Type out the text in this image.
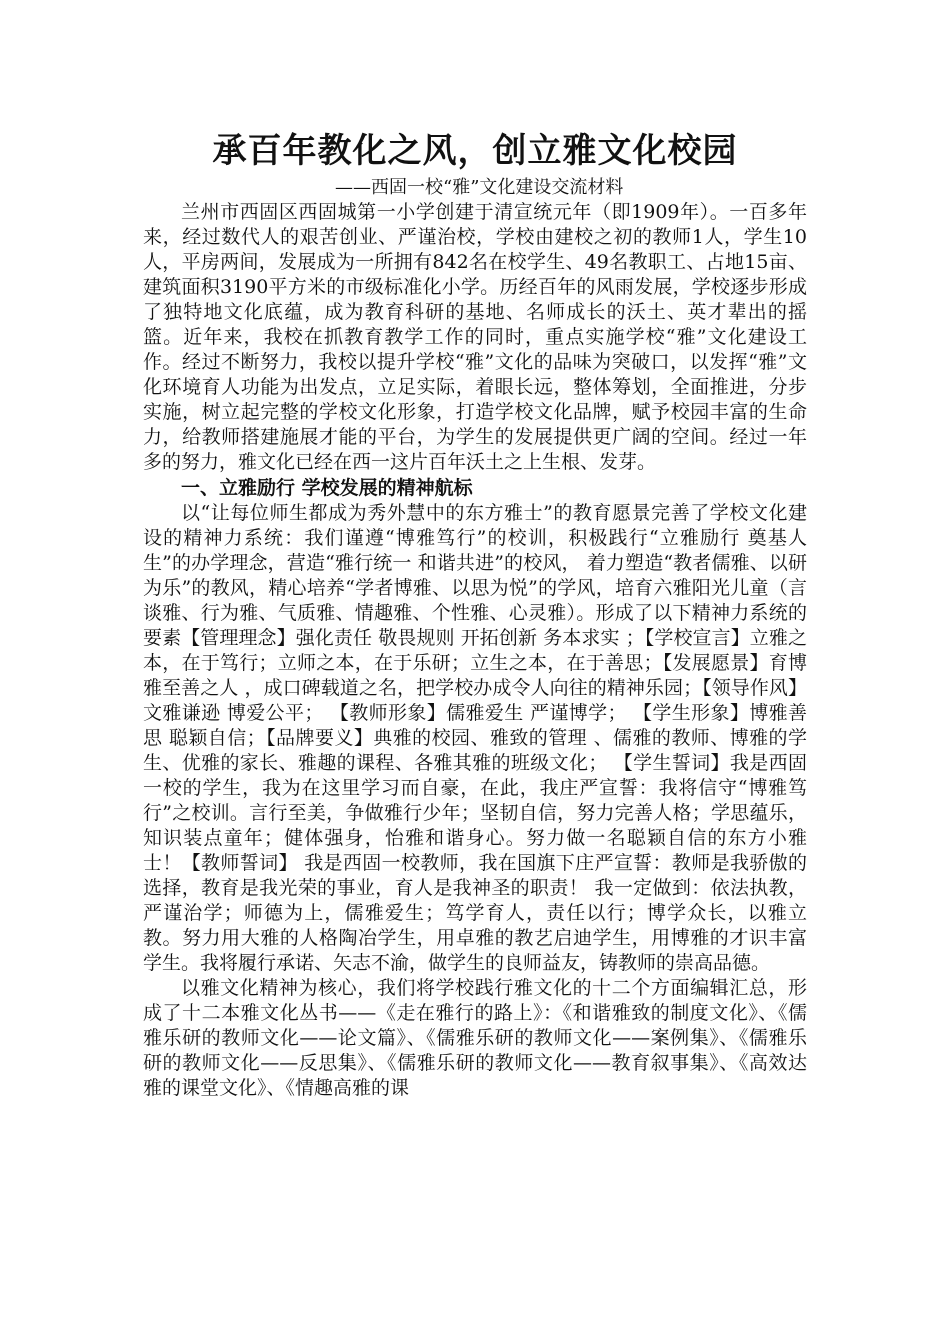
承百年教化之风，创立雅文化校园

——西固一校“雅”文化建设交流材料

兰州市西固区西固城第一小学创建于清宣统元年（即1909年）。一百多年来，经过数代人的艰苦创业、严谨治校，学校由建校之初的教师1人，学生10人，平房两间，发展成为一所拥有842名在校学生、49名教职工、占地15亩、建筑面积3190平方米的市级标准化小学。历经百年的风雨发展，学校逐步形成了独特地文化底蕴，成为教育科研的基地、名师成长的沃土、英才辈出的摇篮。近年来，我校在抓教育教学工作的同时，重点实施学校“雅”文化建设工作。经过不断努力，我校以提升学校“雅”文化的品味为突破口，以发挥“雅”文化环境育人功能为出发点，立足实际，着眼长远，整体筹划，全面推进，分步实施，树立起完整的学校文化形象，打造学校文化品牌，赋予校园丰富的生命力，给教师搭建施展才能的平台，为学生的发展提供更广阔的空间。经过一年多的努力，雅文化已经在西一这片百年沃土之上生根、发芽。

一、立雅励行 学校发展的精神航标

以“让每位师生都成为秀外慧中的东方雅士”的教育愿景完善了学校文化建设的精神力系统：我们谨遵“博雅笃行”的校训，积极践行“立雅励行 奠基人生”的办学理念，营造“雅行统一 和谐共进”的校风， 着力塑造“教者儒雅、以研为乐”的教风，精心培养“学者博雅、以思为悦”的学风，培育六雅阳光儿童（言谈雅、行为雅、气质雅、情趣雅、个性雅、心灵雅）。形成了以下精神力系统的要素【管理理念】强化责任 敬畏规则 开拓创新 务本求实 ；【学校宣言】立雅之本，在于笃行；立师之本，在于乐研；立生之本，在于善思；【发展愿景】育博雅至善之人 ，成口碑载道之名，把学校办成令人向往的精神乐园；【领导作风】文雅谦逊 博爱公平； 【教师形象】儒雅爱生 严谨博学； 【学生形象】博雅善思 聪颖自信；【品牌要义】典雅的校园、雅致的管理 、儒雅的教师、博雅的学生、优雅的家长、雅趣的课程、各雅其雅的班级文化； 【学生誓词】我是西固一校的学生，我为在这里学习而自豪，在此，我庄严宣誓：我将信守“博雅笃行”之校训。言行至美，争做雅行少年；坚韧自信，努力完善人格；学思蕴乐，知识装点童年；健体强身，怡雅和谐身心。努力做一名聪颖自信的东方小雅士！【教师誓词】 我是西固一校教师，我在国旗下庄严宣誓：教师是我骄傲的选择，教育是我光荣的事业，育人是我神圣的职责！ 我一定做到：依法执教，严谨治学；师德为上，儒雅爱生；笃学育人，责任以行；博学众长，以雅立教。努力用大雅的人格陶冶学生，用卓雅的教艺启迪学生，用博雅的才识丰富学生。我将履行承诺、矢志不渝，做学生的良师益友，铸教师的崇高品德。

以雅文化精神为核心，我们将学校践行雅文化的十二个方面编辑汇总，形成了十二本雅文化丛书——《走在雅行的路上》：《和谐雅致的制度文化》、《儒雅乐研的教师文化——论文篇》、《儒雅乐研的教师文化——案例集》、《儒雅乐研的教师文化——反思集》、《儒雅乐研的教师文化——教育叙事集》、《高效达雅的课堂文化》、《情趣高雅的课
